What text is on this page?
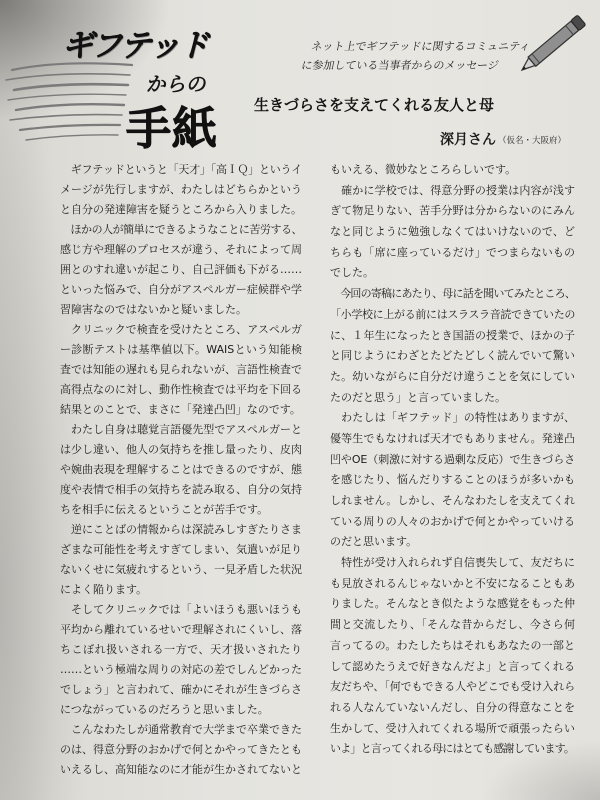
ギフテッド
からの
手紙
ネット上でギフテッドに関するコミュニティ
に参加している当事者からのメッセージ
生きづらさを支えてくれる友人と母
深月さん （仮名・大阪府）
　ギフテッドというと「天才」「高ＩＱ」というイ
メージが先行しますが、わたしはどちらかという
と自分の発達障害を疑うところから入りました。
　ほかの人が簡単にできるようなことに苦労する、
感じ方や理解のプロセスが違う、それによって周
囲とのすれ違いが起こり、自己評価も下がる……
といった悩みで、自分がアスペルガー症候群や学
習障害なのではないかと疑いました。
　クリニックで検査を受けたところ、アスペルガ
ー診断テストは基準値以下。WAISという知能検
査では知能の遅れも見られないが、言語性検査で
高得点なのに対し、動作性検査では平均を下回る
結果とのことで、まさに「発達凸凹」なのです。
　わたし自身は聴覚言語優先型でアスペルガーと
は少し違い、他人の気持ちを推し量ったり、皮肉
や婉曲表現を理解することはできるのですが、態
度や表情で相手の気持ちを読み取る、自分の気持
ちを相手に伝えるということが苦手です。
　逆にことばの情報からは深読みしすぎたりさま
ざまな可能性を考えすぎてしまい、気遣いが足り
ないくせに気疲れするという、一見矛盾した状況
によく陥ります。
　そしてクリニックでは「よいほうも悪いほうも
平均から離れているせいで理解されにくいし、落
ちこぼれ扱いされる一方で、天才扱いされたり
……という極端な周りの対応の差でしんどかった
でしょう」と言われて、確かにそれが生きづらさ
につながっているのだろうと思いました。
　こんなわたしが通常教育で大学まで卒業できた
のは、得意分野のおかげで何とかやってきたとも
いえるし、高知能なのに才能が生かされてないと
もいえる、微妙なところらしいです。
　確かに学校では、得意分野の授業は内容が浅す
ぎて物足りない、苦手分野は分からないのにみん
なと同じように勉強しなくてはいけないので、ど
ちらも「席に座っているだけ」でつまらないもの
でした。
　今回の寄稿にあたり、母に話を聞いてみたところ、
「小学校に上がる前にはスラスラ音読できていたの
に、１年生になったとき国語の授業で、ほかの子
と同じようにわざとたどたどしく読んでいて驚い
た。幼いながらに自分だけ違うことを気にしてい
たのだと思う」と言っていました。
　わたしは「ギフテッド」の特性はありますが、
優等生でもなければ天才でもありません。発達凸
凹やOE（刺激に対する過剰な反応）で生きづらさ
を感じたり、悩んだりすることのほうが多いかも
しれません。しかし、そんなわたしを支えてくれ
ている周りの人々のおかげで何とかやっていける
のだと思います。
　特性が受け入れられず自信喪失して、友だちに
も見放されるんじゃないかと不安になることもあ
りました。そんなとき似たような感覚をもった仲
間と交流したり、「そんな昔からだし、今さら何
言ってるの。わたしたちはそれもあなたの一部と
して認めたうえで好きなんだよ」と言ってくれる
友だちや、「何でもできる人やどこでも受け入れら
れる人なんていないんだし、自分の得意なことを
生かして、受け入れてくれる場所で頑張ったらい
いよ」と言ってくれる母にはとても感謝しています。
